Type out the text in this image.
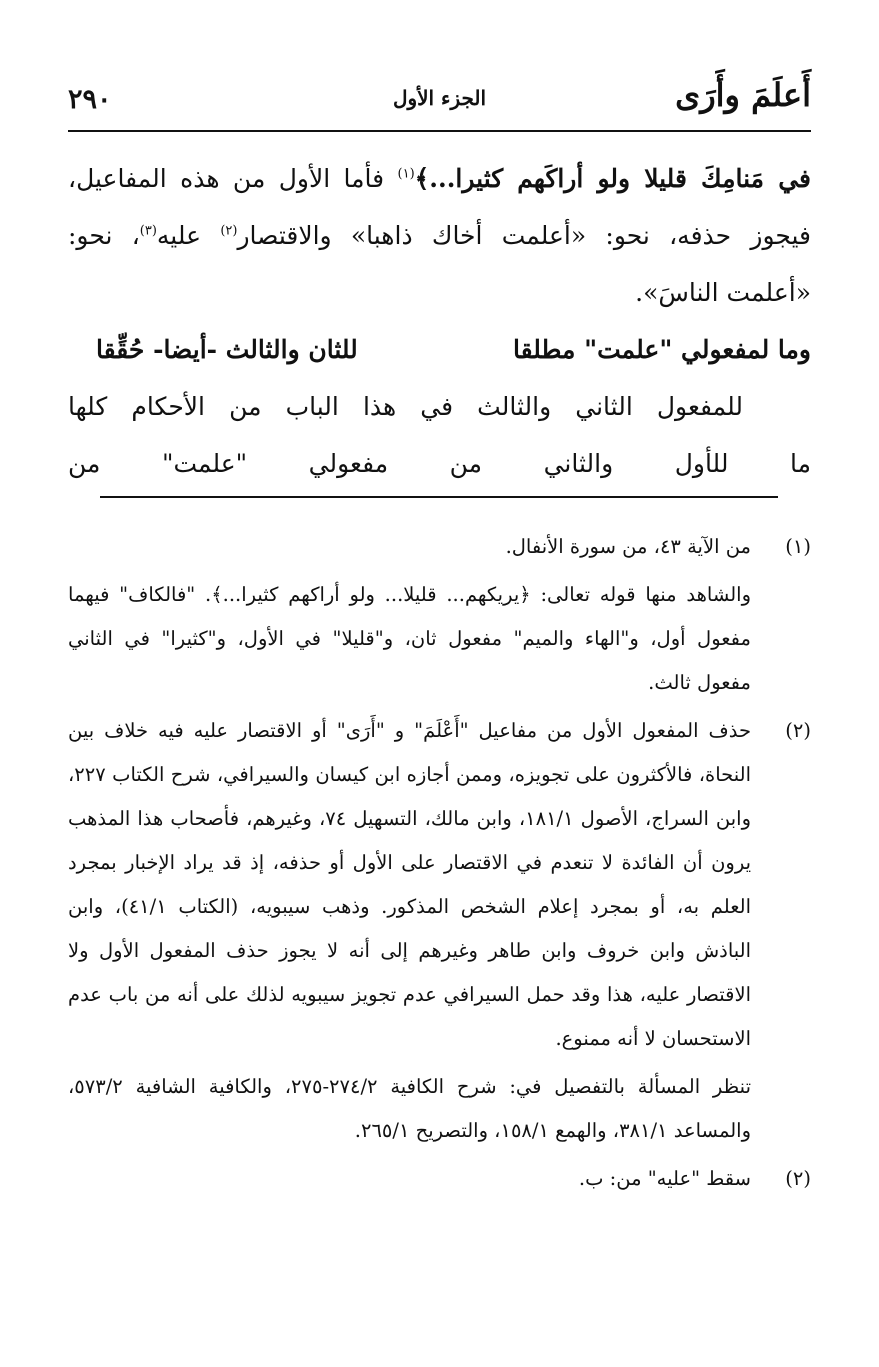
أَعلَمَ وأَرَى
الجزء الأول
٢٩٠

في مَنامِكَ قليلا ولو أراكَهم كثيرا...﴾$^{(١)}$ فأما الأول من هذه المفاعيل، فيجوز حذفه، نحو: «أعلمت أخاك ذاهبا» والاقتصار$^{(٢)}$ عليه$^{(٣)}$، نحو: «أعلمت الناسَ».

وما لمفعولي "علمت" مطلقا
للثان والثالث -أيضا- حُقِّقا

للمفعول الثاني والثالث في هذا الباب من الأحكام كلها

ما للأول والثاني من مفعولي "علمت" من

(١)

من الآية ٤٣، من سورة الأنفال.

والشاهد منها قوله تعالى: ﴿يريكهم... قليلا... ولو أراكهم كثيرا...﴾. "فالكاف" فيهما مفعول أول، و"الهاء والميم" مفعول ثان، و"قليلا" في الأول، و"كثيرا" في الثاني مفعول ثالث.

(٢)

حذف المفعول الأول من مفاعيل "أَعْلَمَ" و "أَرَى" أو الاقتصار عليه فيه خلاف بين النحاة، فالأكثرون على تجويزه، وممن أجازه ابن كيسان والسيرافي، شرح الكتاب ٢٢٧، وابن السراج، الأصول ١٨١/١، وابن مالك، التسهيل ٧٤، وغيرهم، فأصحاب هذا المذهب يرون أن الفائدة لا تنعدم في الاقتصار على الأول أو حذفه، إذ قد يراد الإخبار بمجرد العلم به، أو بمجرد إعلام الشخص المذكور. وذهب سيبويه، (الكتاب ٤١/١)، وابن الباذش وابن خروف وابن طاهر وغيرهم إلى أنه لا يجوز حذف المفعول الأول ولا الاقتصار عليه، هذا وقد حمل السيرافي عدم تجويز سيبويه لذلك على أنه من باب عدم الاستحسان لا أنه ممنوع.

تنظر المسألة بالتفصيل في: شرح الكافية ٢٧٤/٢-٢٧٥، والكافية الشافية ٥٧٣/٢، والمساعد ٣٨١/١، والهمع ١٥٨/١، والتصريح ٢٦٥/١.

(٢)

سقط "عليه" من: ب.
